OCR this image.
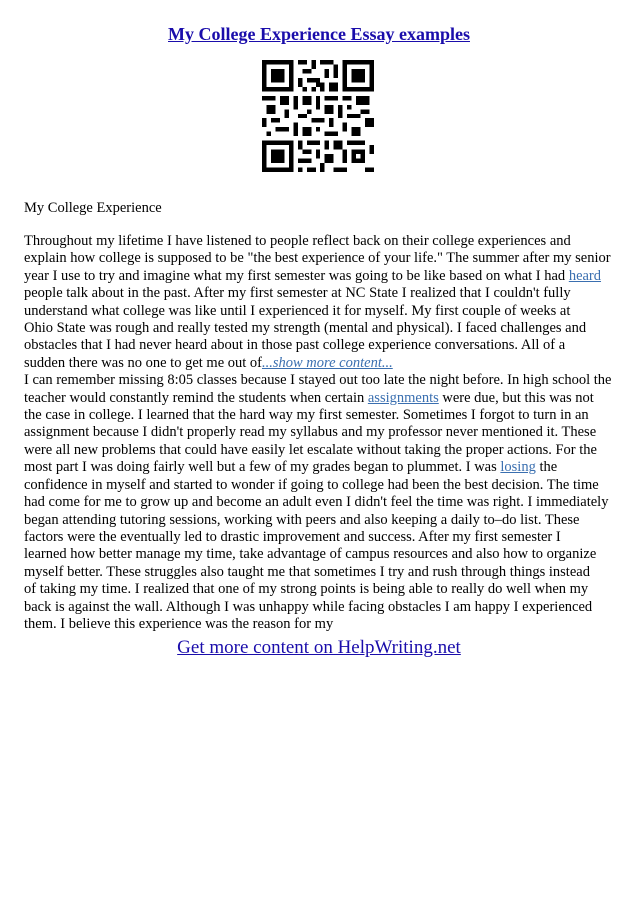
My College Experience Essay examples
My College Experience
Throughout my lifetime I have listened to people reflect back on their college experiences and
explain how college is supposed to be "the best experience of your life." The summer after my senior
year I use to try and imagine what my first semester was going to be like based on what I had heard
people talk about in the past. After my first semester at NC State I realized that I couldn't fully
understand what college was like until I experienced it for myself. My first couple of weeks at
Ohio State was rough and really tested my strength (mental and physical). I faced challenges and
obstacles that I had never heard about in those past college experience conversations. All of a
sudden there was no one to get me out of...show more content...
I can remember missing 8:05 classes because I stayed out too late the night before. In high school the
teacher would constantly remind the students when certain assignments were due, but this was not
the case in college. I learned that the hard way my first semester. Sometimes I forgot to turn in an
assignment because I didn't properly read my syllabus and my professor never mentioned it. These
were all new problems that could have easily let escalate without taking the proper actions. For the
most part I was doing fairly well but a few of my grades began to plummet. I was losing the
confidence in myself and started to wonder if going to college had been the best decision. The time
had come for me to grow up and become an adult even I didn't feel the time was right. I immediately
began attending tutoring sessions, working with peers and also keeping a daily to–do list. These
factors were the eventually led to drastic improvement and success. After my first semester I
learned how better manage my time, take advantage of campus resources and also how to organize
myself better. These struggles also taught me that sometimes I try and rush through things instead
of taking my time. I realized that one of my strong points is being able to really do well when my
back is against the wall. Although I was unhappy while facing obstacles I am happy I experienced
them. I believe this experience was the reason for my
Get more content on HelpWriting.net
